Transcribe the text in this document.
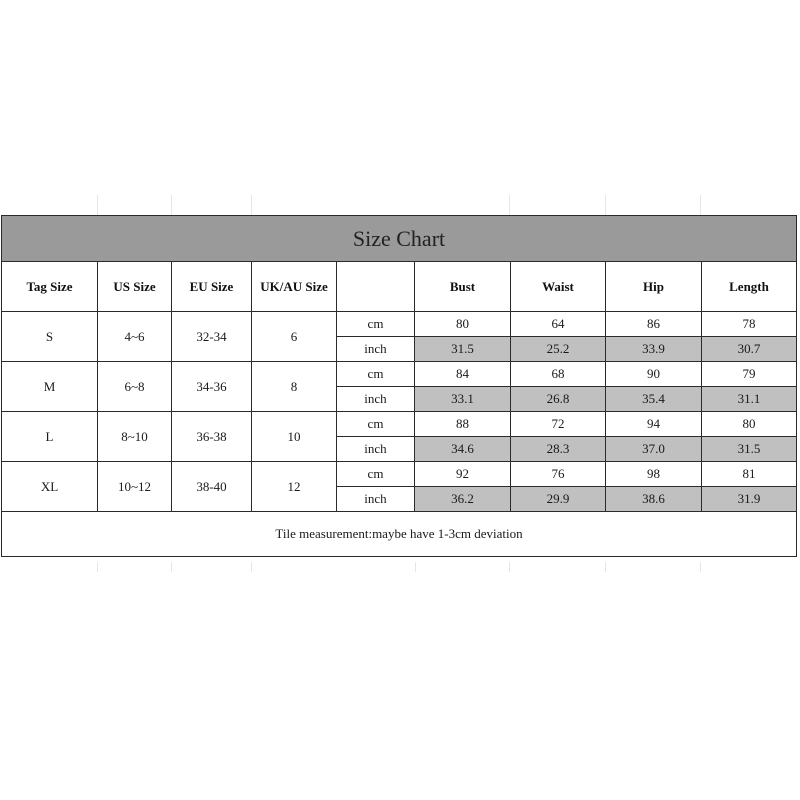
Size Chart								
Tag Size	US Size	EU Size	UK/AU Size		Bust	Waist	Hip	Length
S	4~6	32-34	6	cm	80	64	86	78
				inch	31.5	25.2	33.9	30.7
M	6~8	34-36	8	cm	84	68	90	79
				inch	33.1	26.8	35.4	31.1
L	8~10	36-38	10	cm	88	72	94	80
				inch	34.6	28.3	37.0	31.5
XL	10~12	38-40	12	cm	92	76	98	81
				inch	36.2	29.9	38.6	31.9
Tile measurement:maybe have 1-3cm deviation								
